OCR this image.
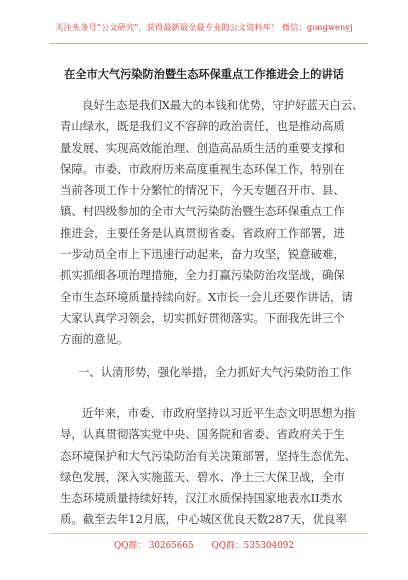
关注头条号“公文研究”，获得最新最全最专业的公文资料库！ 微信：gongwenyj
在全市大气污染防治暨生态环保重点工作推进会上的讲话
良好生态是我们X最大的本钱和优势，守护好蓝天白云、
青山绿水，既是我们义不容辞的政治责任，也是推动高质
量发展、实现高效能治理、创造高品质生活的重要支撑和
保障。市委、市政府历来高度重视生态环保工作，特别在
当前各项工作十分繁忙的情况下，今天专题召开市、县、
镇、村四级参加的全市大气污染防治暨生态环保重点工作
推进会，主要任务是认真贯彻省委、省政府工作部署，进
一步动员全市上下迅速行动起来，奋力攻坚，锐意破难，
抓实抓细各项治理措施，全力打赢污染防治攻坚战，确保
全市生态环境质量持续向好。X市长一会儿还要作讲话，请
大家认真学习领会，切实抓好贯彻落实。下面我先讲三个
方面的意见。
一、认清形势，强化举措，全力抓好大气污染防治工作
近年来，市委、市政府坚持以习近平生态文明思想为指
导，认真贯彻落实党中央、国务院和省委、省政府关于生
态环境保护和大气污染防治有关决策部署，坚持生态优先、
绿色发展，深入实施蓝天、碧水、净土三大保卫战，全市
生态环境质量持续好转，汉江水质保持国家地表水II类水
质。截至去年12月底，中心城区优良天数287天，优良率
QQ群： 30265665 QQ群：535304092
